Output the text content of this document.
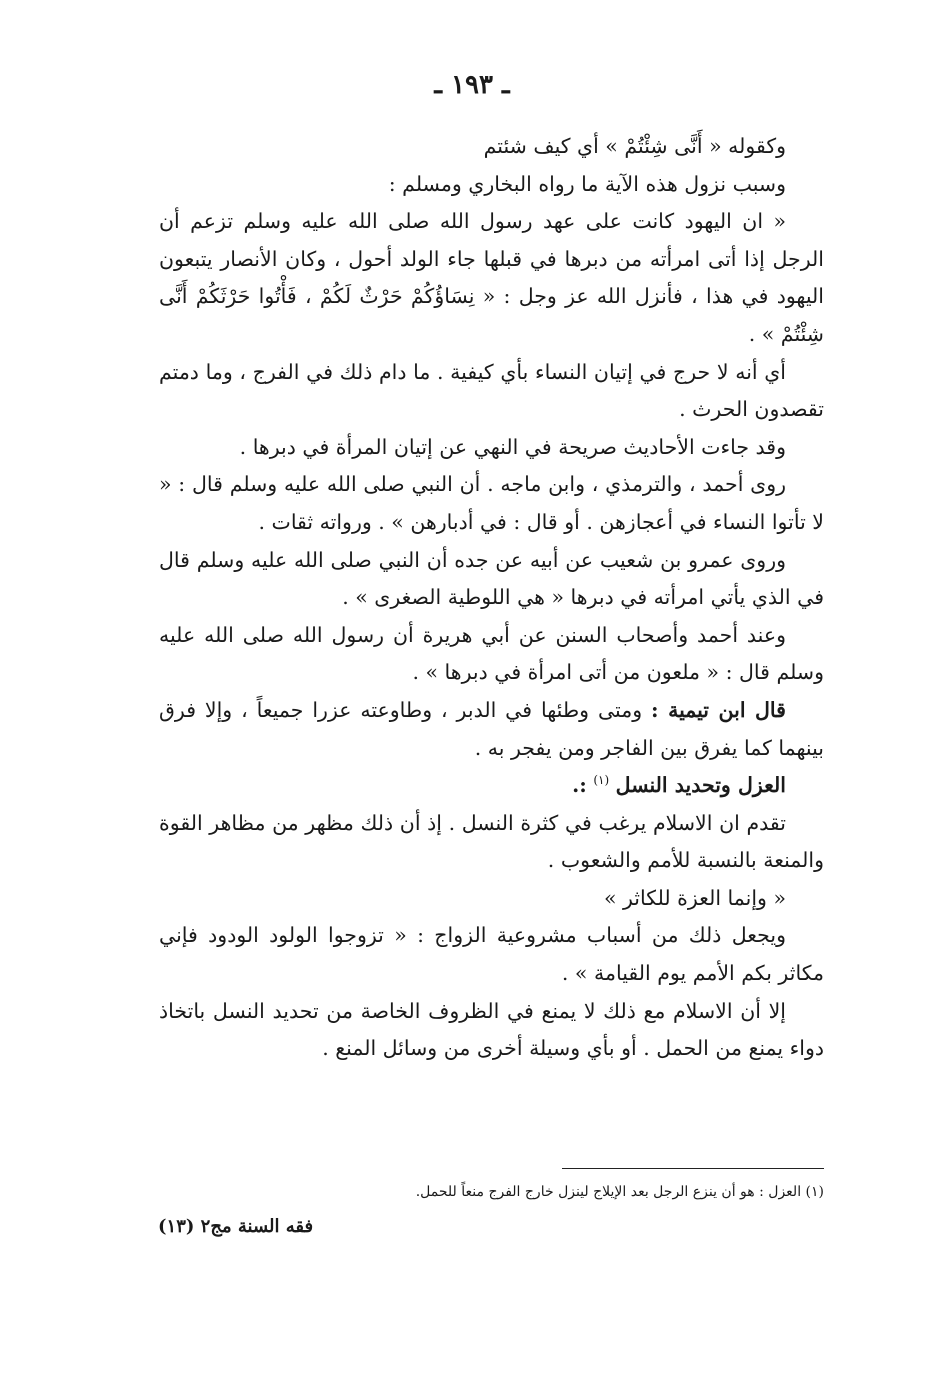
ـ ١٩٣ ـ

وكقوله « أَنَّى شِئْتُمْ » أي كيف شئتم

وسبب نزول هذه الآية ما رواه البخاري ومسلم :

« ان اليهود كانت على عهد رسول الله صلى الله عليه وسلم تزعم أن الرجل إذا أتى امرأته من دبرها في قبلها جاء الولد أحول ، وكان الأنصار يتبعون اليهود في هذا ، فأنزل الله عز وجل : « نِسَاؤُكُمْ حَرْثٌ لَكُمْ ، فَأْتُوا حَرْثَكُمْ أَنَّى شِئْتُمْ » .

أي أنه لا حرج في إتيان النساء بأي كيفية . ما دام ذلك في الفرج ، وما دمتم تقصدون الحرث .

وقد جاءت الأحاديث صريحة في النهي عن إتيان المرأة في دبرها .

روى أحمد ، والترمذي ، وابن ماجه . أن النبي صلى الله عليه وسلم قال : « لا تأتوا النساء في أعجازهن . أو قال : في أدبارهن » . ورواته ثقات .

وروى عمرو بن شعيب عن أبيه عن جده أن النبي صلى الله عليه وسلم قال في الذي يأتي امرأته في دبرها « هي اللوطية الصغرى » .

وعند أحمد وأصحاب السنن عن أبي هريرة أن رسول الله صلى الله عليه وسلم قال : « ملعون من أتى امرأة في دبرها » .

قال ابن تيمية : ومتى وطئها في الدبر ، وطاوعته عزرا جميعاً ، وإلا فرق بينهما كما يفرق بين الفاجر ومن يفجر به .

العزل وتحديد النسل $^{(١)}$ :.

تقدم ان الاسلام يرغب في كثرة النسل . إذ أن ذلك مظهر من مظاهر القوة والمنعة بالنسبة للأمم والشعوب .

« وإنما العزة للكاثر »

ويجعل ذلك من أسباب مشروعية الزواج : « تزوجوا الولود الودود فإني مكاثر بكم الأمم يوم القيامة » .

إلا أن الاسلام مع ذلك لا يمنع في الظروف الخاصة من تحديد النسل باتخاذ دواء يمنع من الحمل . أو بأي وسيلة أخرى من وسائل المنع .

(١) العزل : هو أن ينزع الرجل بعد الإيلاج لينزل خارج الفرج منعاً للحمل.
فقه السنة مج٢ (١٣)
